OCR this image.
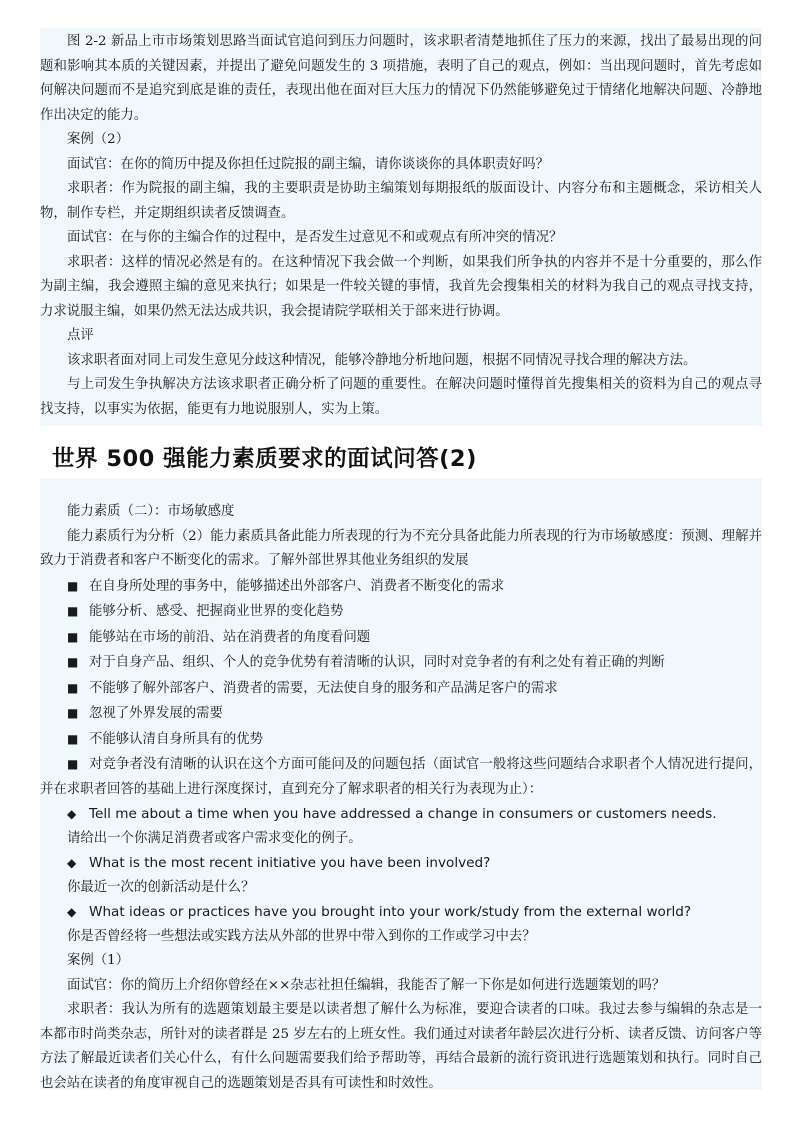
图 2-2 新品上市市场策划思路当面试官追问到压力问题时，该求职者清楚地抓住了压力的来源，找出了最易出现的问题和影响其本质的关键因素，并提出了避免问题发生的 3 项措施，表明了自己的观点，例如：当出现问题时，首先考虑如何解决问题而不是追究到底是谁的责任，表现出他在面对巨大压力的情况下仍然能够避免过于情绪化地解决问题、冷静地作出决定的能力。

案例（2）

面试官：在你的简历中提及你担任过院报的副主编，请你谈谈你的具体职责好吗？

求职者：作为院报的副主编，我的主要职责是协助主编策划每期报纸的版面设计、内容分布和主题概念，采访相关人物，制作专栏，并定期组织读者反馈调查。

面试官：在与你的主编合作的过程中，是否发生过意见不和或观点有所冲突的情况？

求职者：这样的情况必然是有的。在这种情况下我会做一个判断，如果我们所争执的内容并不是十分重要的，那么作为副主编，我会遵照主编的意见来执行；如果是一件较关键的事情，我首先会搜集相关的材料为我自己的观点寻找支持，力求说服主编，如果仍然无法达成共识，我会提请院学联相关于部来进行协调。

点评

该求职者面对同上司发生意见分歧这种情况，能够冷静地分析地问题，根据不同情况寻找合理的解决方法。

与上司发生争执解决方法该求职者正确分析了问题的重要性。在解决问题时懂得首先搜集相关的资料为自己的观点寻找支持，以事实为依据，能更有力地说服别人，实为上策。

世界 500 强能力素质要求的面试问答(2)

能力素质（二）：市场敏感度

能力素质行为分析（2）能力素质具备此能力所表现的行为不充分具备此能力所表现的行为市场敏感度：预测、理解并致力于消费者和客户不断变化的需求。了解外部世界其他业务组织的发展

■ 在自身所处理的事务中，能够描述出外部客户、消费者不断变化的需求

■ 能够分析、感受、把握商业世界的变化趋势

■ 能够站在市场的前沿、站在消费者的角度看问题

■ 对于自身产品、组织、个人的竞争优势有着清晰的认识，同时对竞争者的有利之处有着正确的判断

■ 不能够了解外部客户、消费者的需要，无法使自身的服务和产品满足客户的需求

■ 忽视了外界发展的需要

■ 不能够认清自身所具有的优势

■ 对竞争者没有清晰的认识在这个方面可能问及的问题包括（面试官一般将这些问题结合求职者个人情况进行提问，并在求职者回答的基础上进行深度探讨，直到充分了解求职者的相关行为表现为止）：

◆ Tell me about a time when you have addressed a change in consumers or customers needs.

请给出一个你满足消费者或客户需求变化的例子。

◆ What is the most recent initiative you have been involved?

你最近一次的创新活动是什么？

◆ What ideas or practices have you brought into your work/study from the external world?

你是否曾经将一些想法或实践方法从外部的世界中带入到你的工作或学习中去？

案例（1）

面试官：你的简历上介绍你曾经在××杂志社担任编辑，我能否了解一下你是如何进行选题策划的吗？

求职者：我认为所有的选题策划最主要是以读者想了解什么为标准，要迎合读者的口味。我过去参与编辑的杂志是一本都市时尚类杂志，所针对的读者群是 25 岁左右的上班女性。我们通过对读者年龄层次进行分析、读者反馈、访问客户等方法了解最近读者们关心什么，有什么问题需要我们给予帮助等，再结合最新的流行资讯进行选题策划和执行。同时自己也会站在读者的角度审视自己的选题策划是否具有可读性和时效性。
